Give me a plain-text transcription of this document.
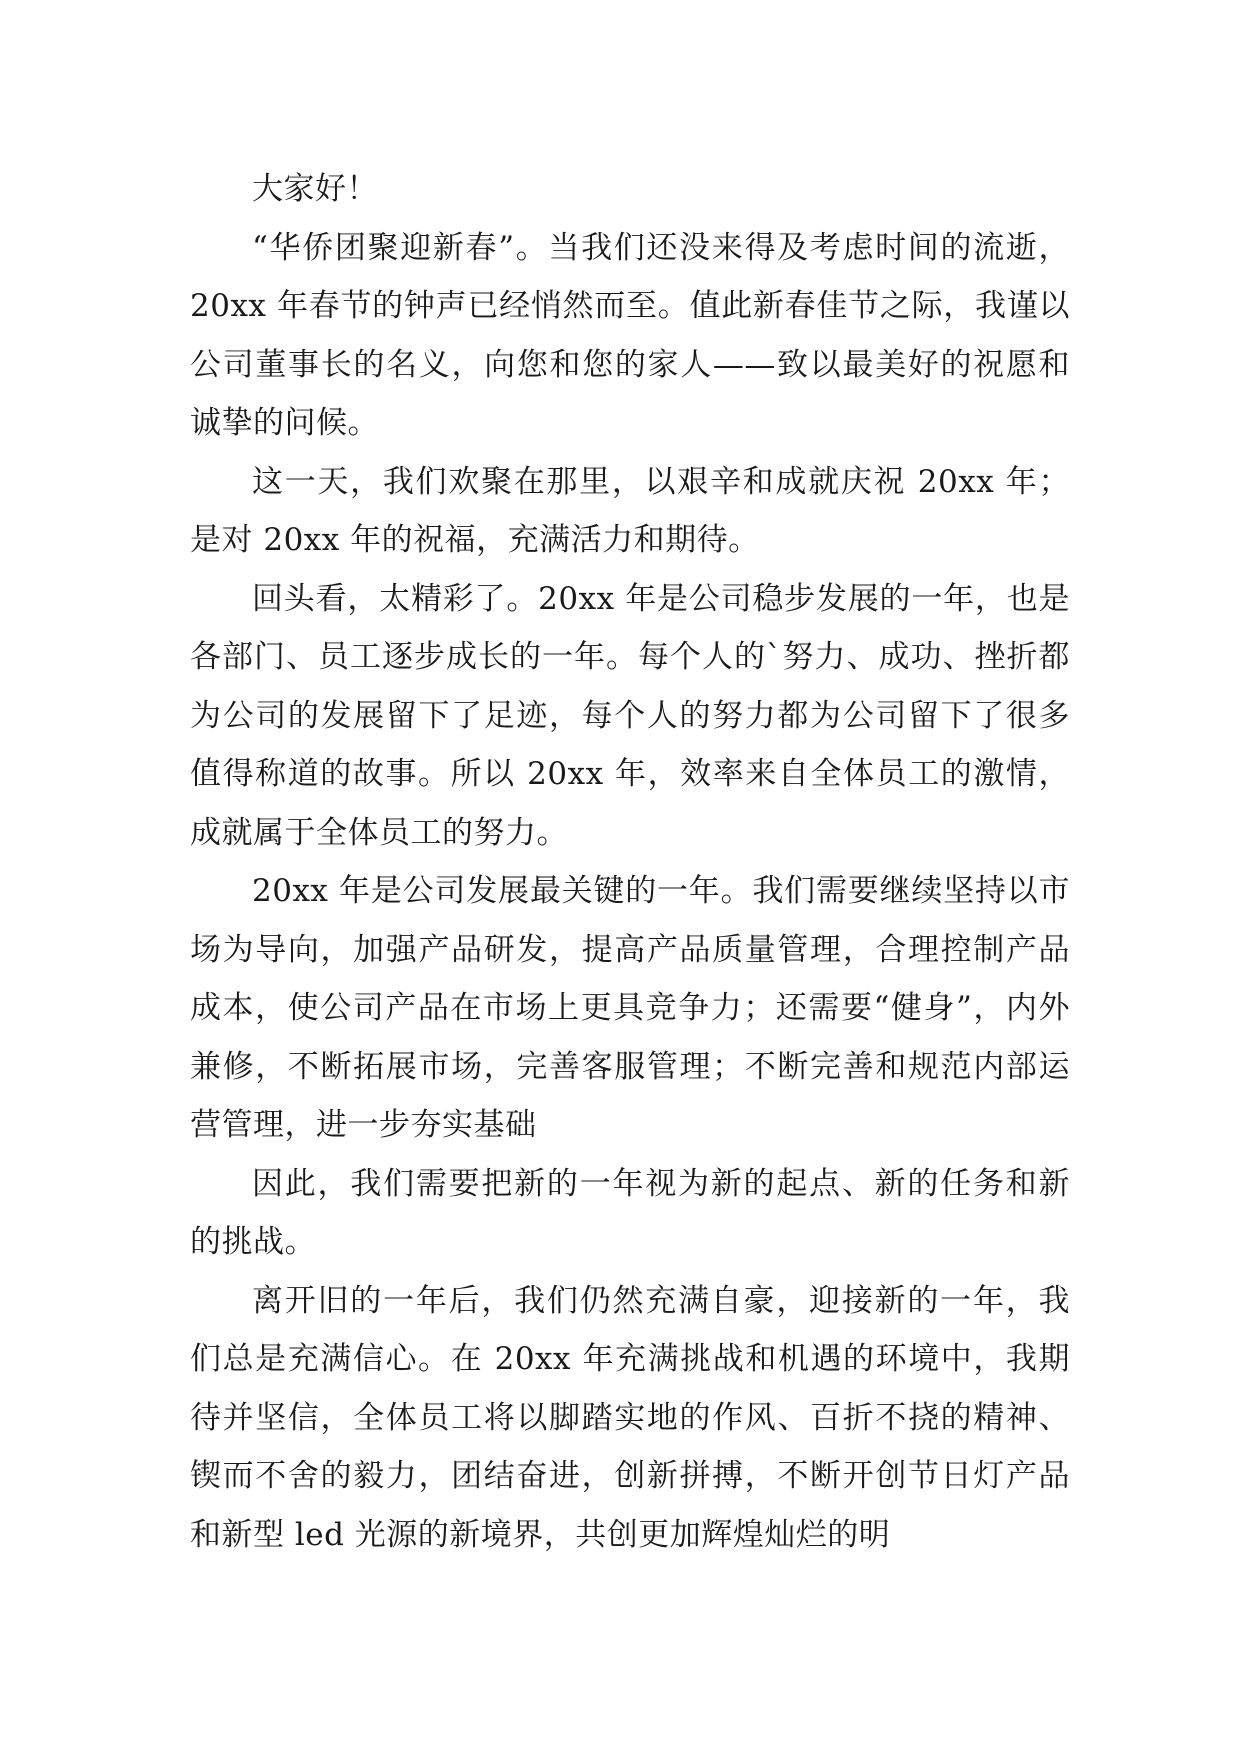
大家好！

“华侨团聚迎新春”。当我们还没来得及考虑时间的流逝，20xx 年春节的钟声已经悄然而至。值此新春佳节之际，我谨以公司董事长的名义，向您和您的家人——致以最美好的祝愿和诚挚的问候。

这一天，我们欢聚在那里，以艰辛和成就庆祝 20xx 年；是对 20xx 年的祝福，充满活力和期待。

回头看，太精彩了。20xx 年是公司稳步发展的一年，也是各部门、员工逐步成长的一年。每个人的`努力、成功、挫折都为公司的发展留下了足迹，每个人的努力都为公司留下了很多值得称道的故事。所以 20xx 年，效率来自全体员工的激情，成就属于全体员工的努力。

20xx 年是公司发展最关键的一年。我们需要继续坚持以市场为导向，加强产品研发，提高产品质量管理，合理控制产品成本，使公司产品在市场上更具竞争力；还需要“健身”，内外兼修，不断拓展市场，完善客服管理；不断完善和规范内部运营管理，进一步夯实基础

因此，我们需要把新的一年视为新的起点、新的任务和新的挑战。

离开旧的一年后，我们仍然充满自豪，迎接新的一年，我们总是充满信心。在 20xx 年充满挑战和机遇的环境中，我期待并坚信，全体员工将以脚踏实地的作风、百折不挠的精神、锲而不舍的毅力，团结奋进，创新拼搏，不断开创节日灯产品和新型 led 光源的新境界，共创更加辉煌灿烂的明
